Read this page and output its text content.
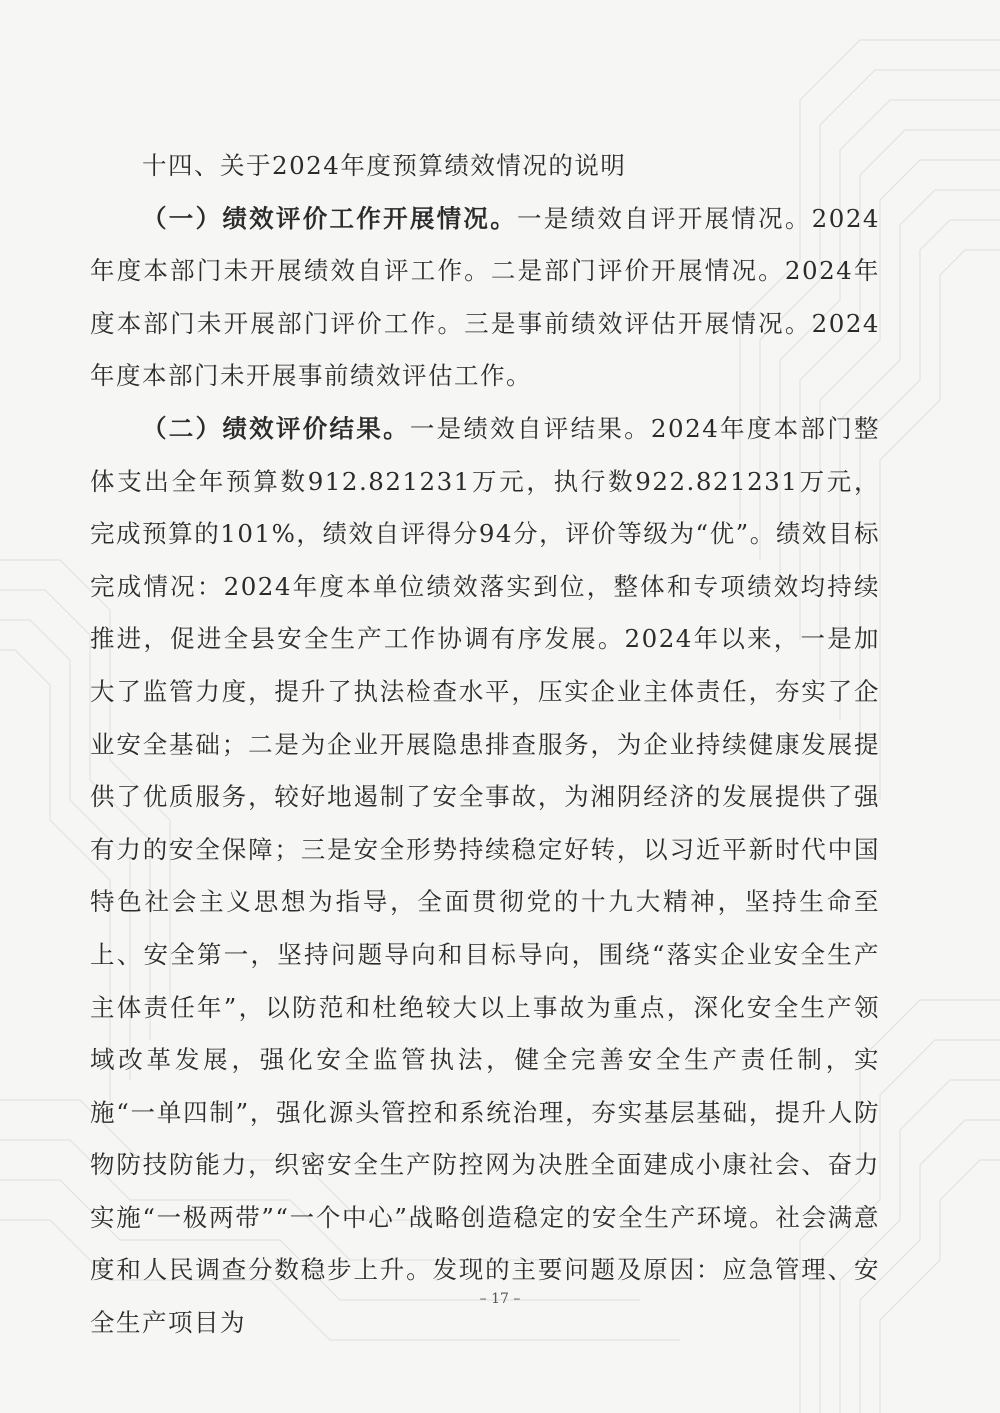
十四、关于2024年度预算绩效情况的说明

（一）绩效评价工作开展情况。一是绩效自评开展情况。2024年度本部门未开展绩效自评工作。二是部门评价开展情况。2024年度本部门未开展部门评价工作。三是事前绩效评估开展情况。2024年度本部门未开展事前绩效评估工作。

（二）绩效评价结果。一是绩效自评结果。2024年度本部门整体支出全年预算数912.821231万元，执行数922.821231万元，完成预算的101%，绩效自评得分94分，评价等级为“优”。绩效目标完成情况：2024年度本单位绩效落实到位，整体和专项绩效均持续推进，促进全县安全生产工作协调有序发展。2024年以来，一是加大了监管力度，提升了执法检查水平，压实企业主体责任，夯实了企业安全基础；二是为企业开展隐患排查服务，为企业持续健康发展提供了优质服务，较好地遏制了安全事故，为湘阴经济的发展提供了强有力的安全保障；三是安全形势持续稳定好转，以习近平新时代中国特色社会主义思想为指导，全面贯彻党的十九大精神，坚持生命至上、安全第一，坚持问题导向和目标导向，围绕“落实企业安全生产主体责任年”，以防范和杜绝较大以上事故为重点，深化安全生产领域改革发展，强化安全监管执法，健全完善安全生产责任制，实施“一单四制”，强化源头管控和系统治理，夯实基层基础，提升人防物防技防能力，织密安全生产防控网为决胜全面建成小康社会、奋力实施“一极两带”“一个中心”战略创造稳定的安全生产环境。社会满意度和人民调查分数稳步上升。发现的主要问题及原因：应急管理、安全生产项目为

– 17 –
